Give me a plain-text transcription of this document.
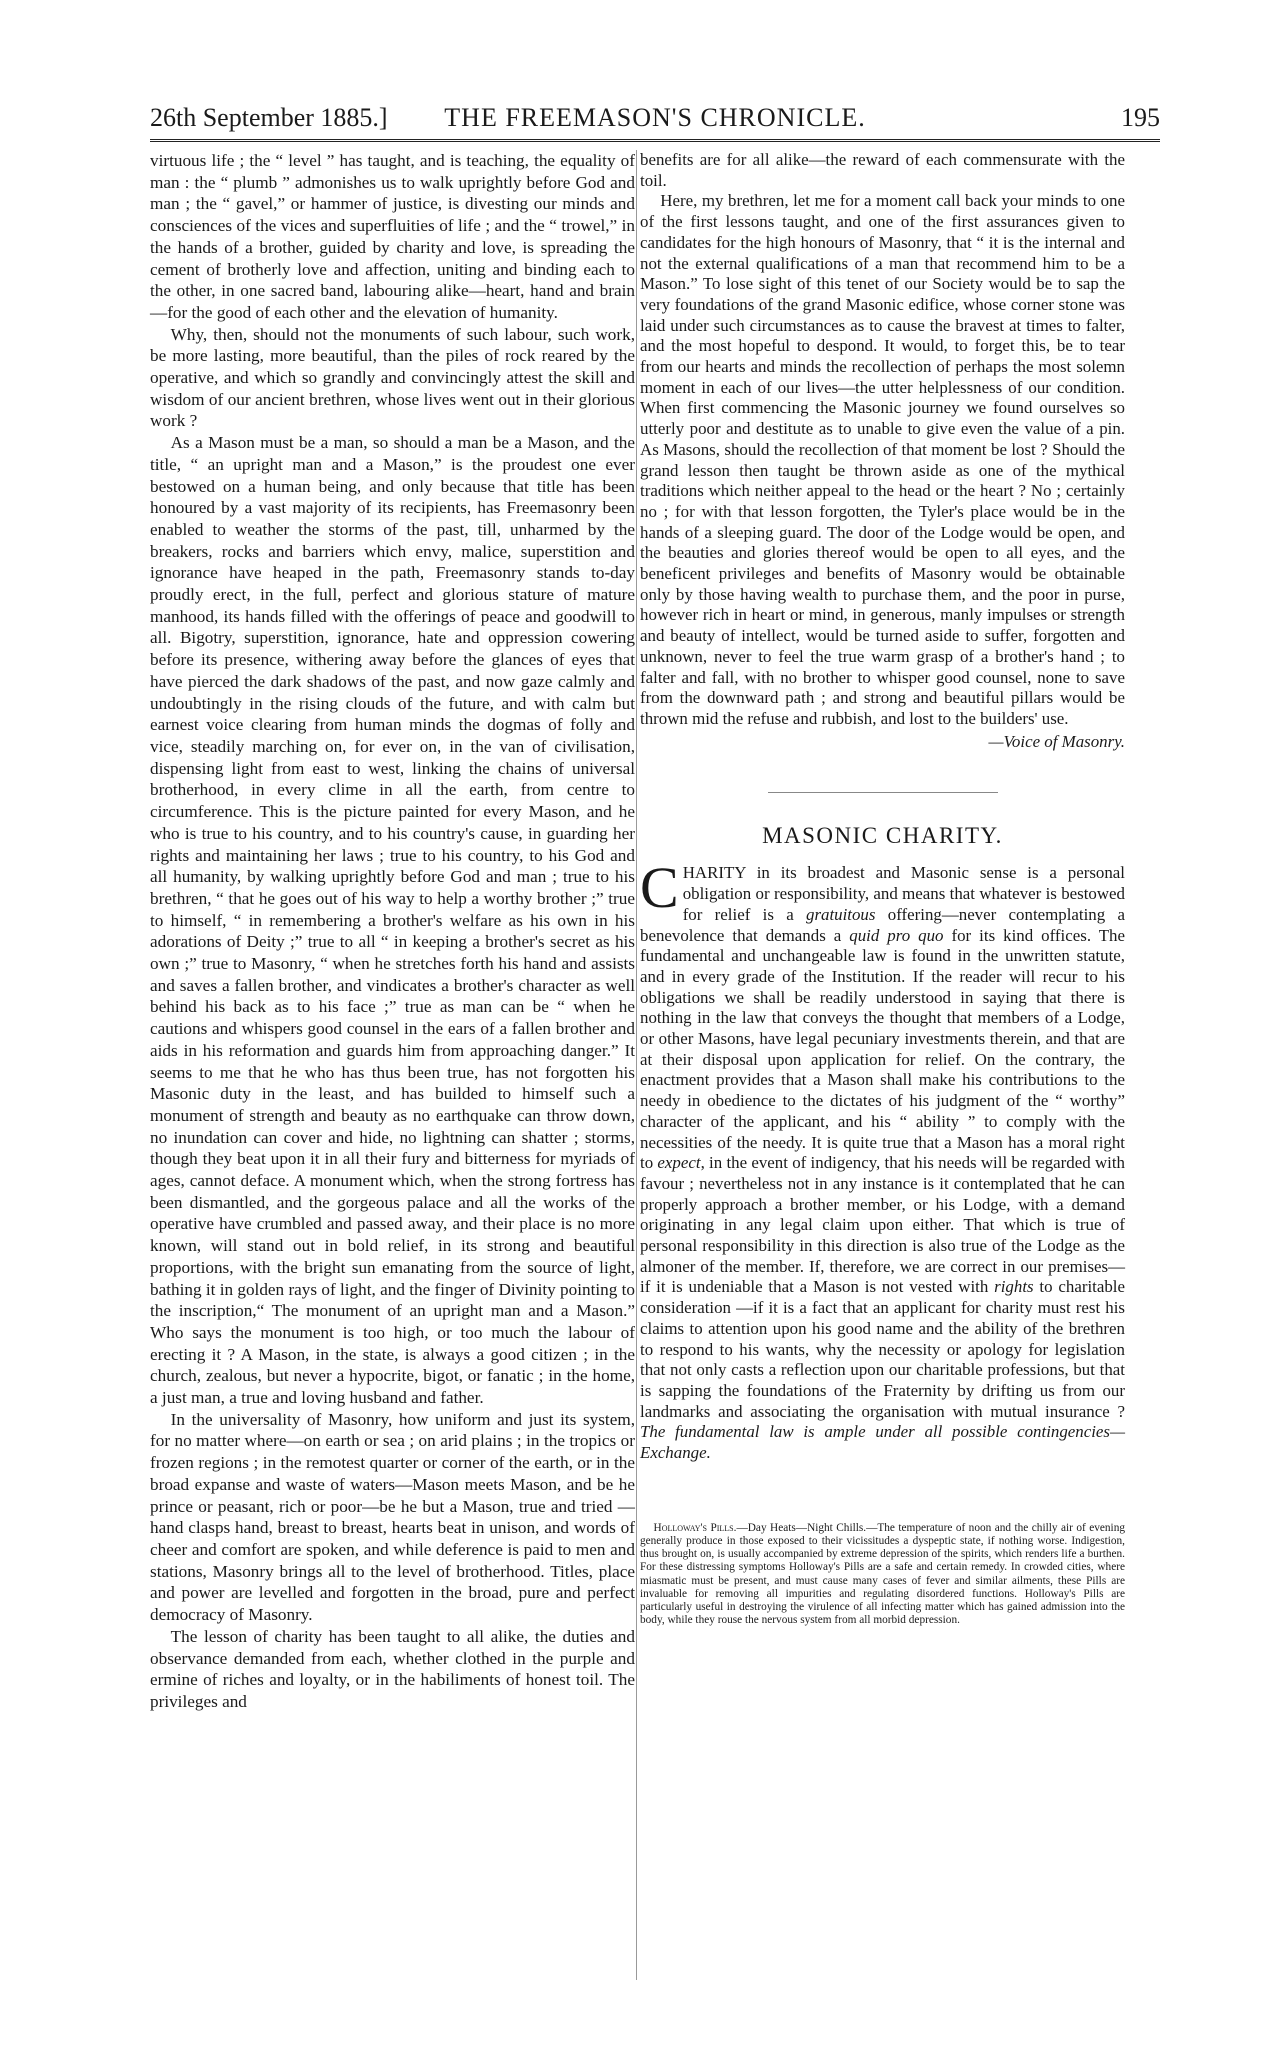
26th September 1885.]	THE FREEMASON'S CHRONICLE.	195

virtuous life ; the “ level ” has taught, and is teaching, the equality of man : the “ plumb ” admonishes us to walk uprightly before God and man ; the “ gavel,” or hammer of justice, is divesting our minds and consciences of the vices and superfluities of life ; and the “ trowel,” in the hands of a brother, guided by charity and love, is spreading the cement of brotherly love and affection, uniting and binding each to the other, in one sacred band, labouring alike—heart, hand and brain—for the good of each other and the elevation of humanity.

Why, then, should not the monuments of such labour, such work, be more lasting, more beautiful, than the piles of rock reared by the operative, and which so grandly and convincingly attest the skill and wisdom of our ancient brethren, whose lives went out in their glorious work ?

As a Mason must be a man, so should a man be a Mason, and the title, “ an upright man and a Mason,” is the proudest one ever bestowed on a human being, and only because that title has been honoured by a vast majority of its recipients, has Freemasonry been enabled to weather the storms of the past, till, unharmed by the breakers, rocks and barriers which envy, malice, superstition and ignorance have heaped in the path, Freemasonry stands to-day proudly erect, in the full, perfect and glorious stature of mature manhood, its hands filled with the offerings of peace and goodwill to all. Bigotry, superstition, ignorance, hate and oppression cowering before its presence, withering away before the glances of eyes that have pierced the dark shadows of the past, and now gaze calmly and undoubtingly in the rising clouds of the future, and with calm but earnest voice clearing from human minds the dogmas of folly and vice, steadily marching on, for ever on, in the van of civilisation, dispensing light from east to west, linking the chains of universal brotherhood, in every clime in all the earth, from centre to circumference. This is the picture painted for every Mason, and he who is true to his country, and to his country's cause, in guarding her rights and maintaining her laws ; true to his country, to his God and all humanity, by walking uprightly before God and man ; true to his brethren, “ that he goes out of his way to help a worthy brother ;” true to himself, “ in remembering a brother's welfare as his own in his adorations of Deity ;” true to all “ in keeping a brother's secret as his own ;” true to Masonry, “ when he stretches forth his hand and assists and saves a fallen brother, and vindicates a brother's character as well behind his back as to his face ;” true as man can be “ when he cautions and whispers good counsel in the ears of a fallen brother and aids in his reformation and guards him from approaching danger.” It seems to me that he who has thus been true, has not forgotten his Masonic duty in the least, and has builded to himself such a monument of strength and beauty as no earthquake can throw down, no inundation can cover and hide, no lightning can shatter ; storms, though they beat upon it in all their fury and bitterness for myriads of ages, cannot deface. A monument which, when the strong fortress has been dismantled, and the gorgeous palace and all the works of the operative have crumbled and passed away, and their place is no more known, will stand out in bold relief, in its strong and beautiful proportions, with the bright sun emanating from the source of light, bathing it in golden rays of light, and the finger of Divinity pointing to the inscription,“ The monument of an upright man and a Mason.” Who says the monument is too high, or too much the labour of erecting it ? A Mason, in the state, is always a good citizen ; in the church, zealous, but never a hypocrite, bigot, or fanatic ; in the home, a just man, a true and loving husband and father.

In the universality of Masonry, how uniform and just its system, for no matter where—on earth or sea ; on arid plains ; in the tropics or frozen regions ; in the remotest quarter or corner of the earth, or in the broad expanse and waste of waters—Mason meets Mason, and be he prince or peasant, rich or poor—be he but a Mason, true and tried —hand clasps hand, breast to breast, hearts beat in unison, and words of cheer and comfort are spoken, and while deference is paid to men and stations, Masonry brings all to the level of brotherhood. Titles, place and power are levelled and forgotten in the broad, pure and perfect democracy of Masonry.

The lesson of charity has been taught to all alike, the duties and observance demanded from each, whether clothed in the purple and ermine of riches and loyalty, or in the habiliments of honest toil. The privileges and

benefits are for all alike—the reward of each commensurate with the toil.

Here, my brethren, let me for a moment call back your minds to one of the first lessons taught, and one of the first assurances given to candidates for the high honours of Masonry, that “ it is the internal and not the external qualifications of a man that recommend him to be a Mason.” To lose sight of this tenet of our Society would be to sap the very foundations of the grand Masonic edifice, whose corner stone was laid under such circumstances as to cause the bravest at times to falter, and the most hopeful to despond. It would, to forget this, be to tear from our hearts and minds the recollection of perhaps the most solemn moment in each of our lives—the utter helplessness of our condition. When first commencing the Masonic journey we found ourselves so utterly poor and destitute as to unable to give even the value of a pin. As Masons, should the recollection of that moment be lost ? Should the grand lesson then taught be thrown aside as one of the mythical traditions which neither appeal to the head or the heart ? No ; certainly no ; for with that lesson forgotten, the Tyler's place would be in the hands of a sleeping guard. The door of the Lodge would be open, and the beauties and glories thereof would be open to all eyes, and the beneficent privileges and benefits of Masonry would be obtainable only by those having wealth to purchase them, and the poor in purse, however rich in heart or mind, in generous, manly impulses or strength and beauty of intellect, would be turned aside to suffer, forgotten and unknown, never to feel the true warm grasp of a brother's hand ; to falter and fall, with no brother to whisper good counsel, none to save from the downward path ; and strong and beautiful pillars would be thrown mid the refuse and rubbish, and lost to the builders' use.

—Voice of Masonry.
MASONIC CHARITY.

CHARITY in its broadest and Masonic sense is a personal obligation or responsibility, and means that whatever is bestowed for relief is a gratuitous offering—never contemplating a benevolence that demands a quid pro quo for its kind offices. The fundamental and unchangeable law is found in the unwritten statute, and in every grade of the Institution. If the reader will recur to his obligations we shall be readily understood in saying that there is nothing in the law that conveys the thought that members of a Lodge, or other Masons, have legal pecuniary investments therein, and that are at their disposal upon application for relief. On the contrary, the enactment provides that a Mason shall make his contributions to the needy in obedience to the dictates of his judgment of the “ worthy” character of the applicant, and his “ ability ” to comply with the necessities of the needy. It is quite true that a Mason has a moral right to expect, in the event of indigency, that his needs will be regarded with favour ; nevertheless not in any instance is it contemplated that he can properly approach a brother member, or his Lodge, with a demand originating in any legal claim upon either. That which is true of personal responsibility in this direction is also true of the Lodge as the almoner of the member. If, therefore, we are correct in our premises—if it is undeniable that a Mason is not vested with rights to charitable consideration —if it is a fact that an applicant for charity must rest his claims to attention upon his good name and the ability of the brethren to respond to his wants, why the necessity or apology for legislation that not only casts a reflection upon our charitable professions, but that is sapping the foundations of the Fraternity by drifting us from our landmarks and associating the organisation with mutual insurance ? The fundamental law is ample under all possible contingencies—Exchange.

Holloway's Pills.—Day Heats—Night Chills.—The temperature of noon and the chilly air of evening generally produce in those exposed to their vicissitudes a dyspeptic state, if nothing worse. Indigestion, thus brought on, is usually accompanied by extreme depression of the spirits, which renders life a burthen. For these distressing symptoms Holloway's Pills are a safe and certain remedy. In crowded cities, where miasmatic must be present, and must cause many cases of fever and similar ailments, these Pills are invaluable for removing all impurities and regulating disordered functions. Holloway's Pills are particularly useful in destroying the virulence of all infecting matter which has gained admission into the body, while they rouse the nervous system from all morbid depression.
